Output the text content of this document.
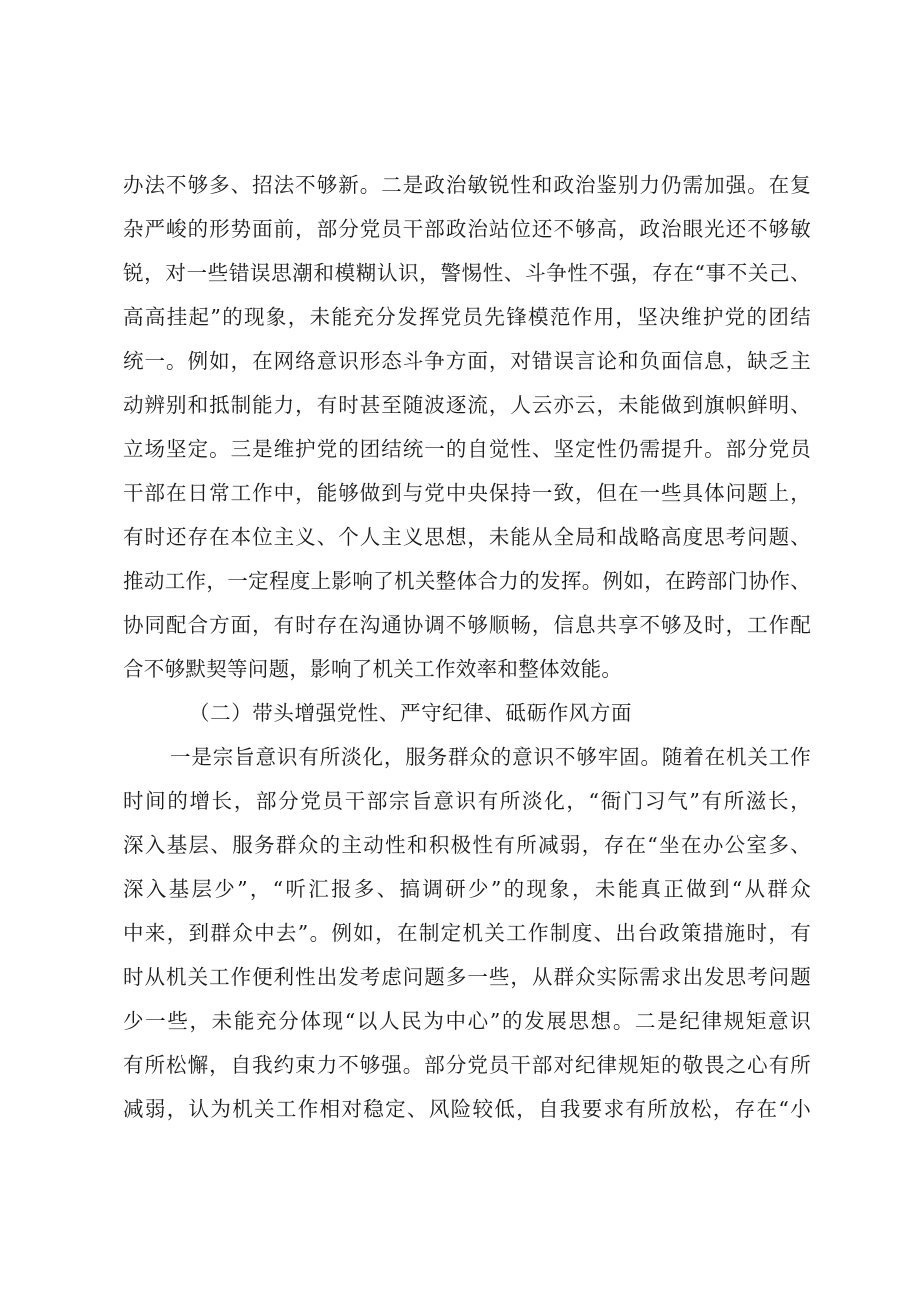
办法不够多、招法不够新。二是政治敏锐性和政治鉴别力仍需加强。在复
杂严峻的形势面前，部分党员干部政治站位还不够高，政治眼光还不够敏
锐，对一些错误思潮和模糊认识，警惕性、斗争性不强，存在“事不关己、
高高挂起”的现象，未能充分发挥党员先锋模范作用，坚决维护党的团结
统一。例如，在网络意识形态斗争方面，对错误言论和负面信息，缺乏主
动辨别和抵制能力，有时甚至随波逐流，人云亦云，未能做到旗帜鲜明、
立场坚定。三是维护党的团结统一的自觉性、坚定性仍需提升。部分党员
干部在日常工作中，能够做到与党中央保持一致，但在一些具体问题上，
有时还存在本位主义、个人主义思想，未能从全局和战略高度思考问题、
推动工作，一定程度上影响了机关整体合力的发挥。例如，在跨部门协作、
协同配合方面，有时存在沟通协调不够顺畅，信息共享不够及时，工作配
合不够默契等问题，影响了机关工作效率和整体效能。
（二）带头增强党性、严守纪律、砥砺作风方面
一是宗旨意识有所淡化，服务群众的意识不够牢固。随着在机关工作
时间的增长，部分党员干部宗旨意识有所淡化，“衙门习气”有所滋长，
深入基层、服务群众的主动性和积极性有所减弱，存在“坐在办公室多、
深入基层少”，“听汇报多、搞调研少”的现象，未能真正做到“从群众
中来，到群众中去”。例如，在制定机关工作制度、出台政策措施时，有
时从机关工作便利性出发考虑问题多一些，从群众实际需求出发思考问题
少一些，未能充分体现“以人民为中心”的发展思想。二是纪律规矩意识
有所松懈，自我约束力不够强。部分党员干部对纪律规矩的敬畏之心有所
减弱，认为机关工作相对稳定、风险较低，自我要求有所放松，存在“小
